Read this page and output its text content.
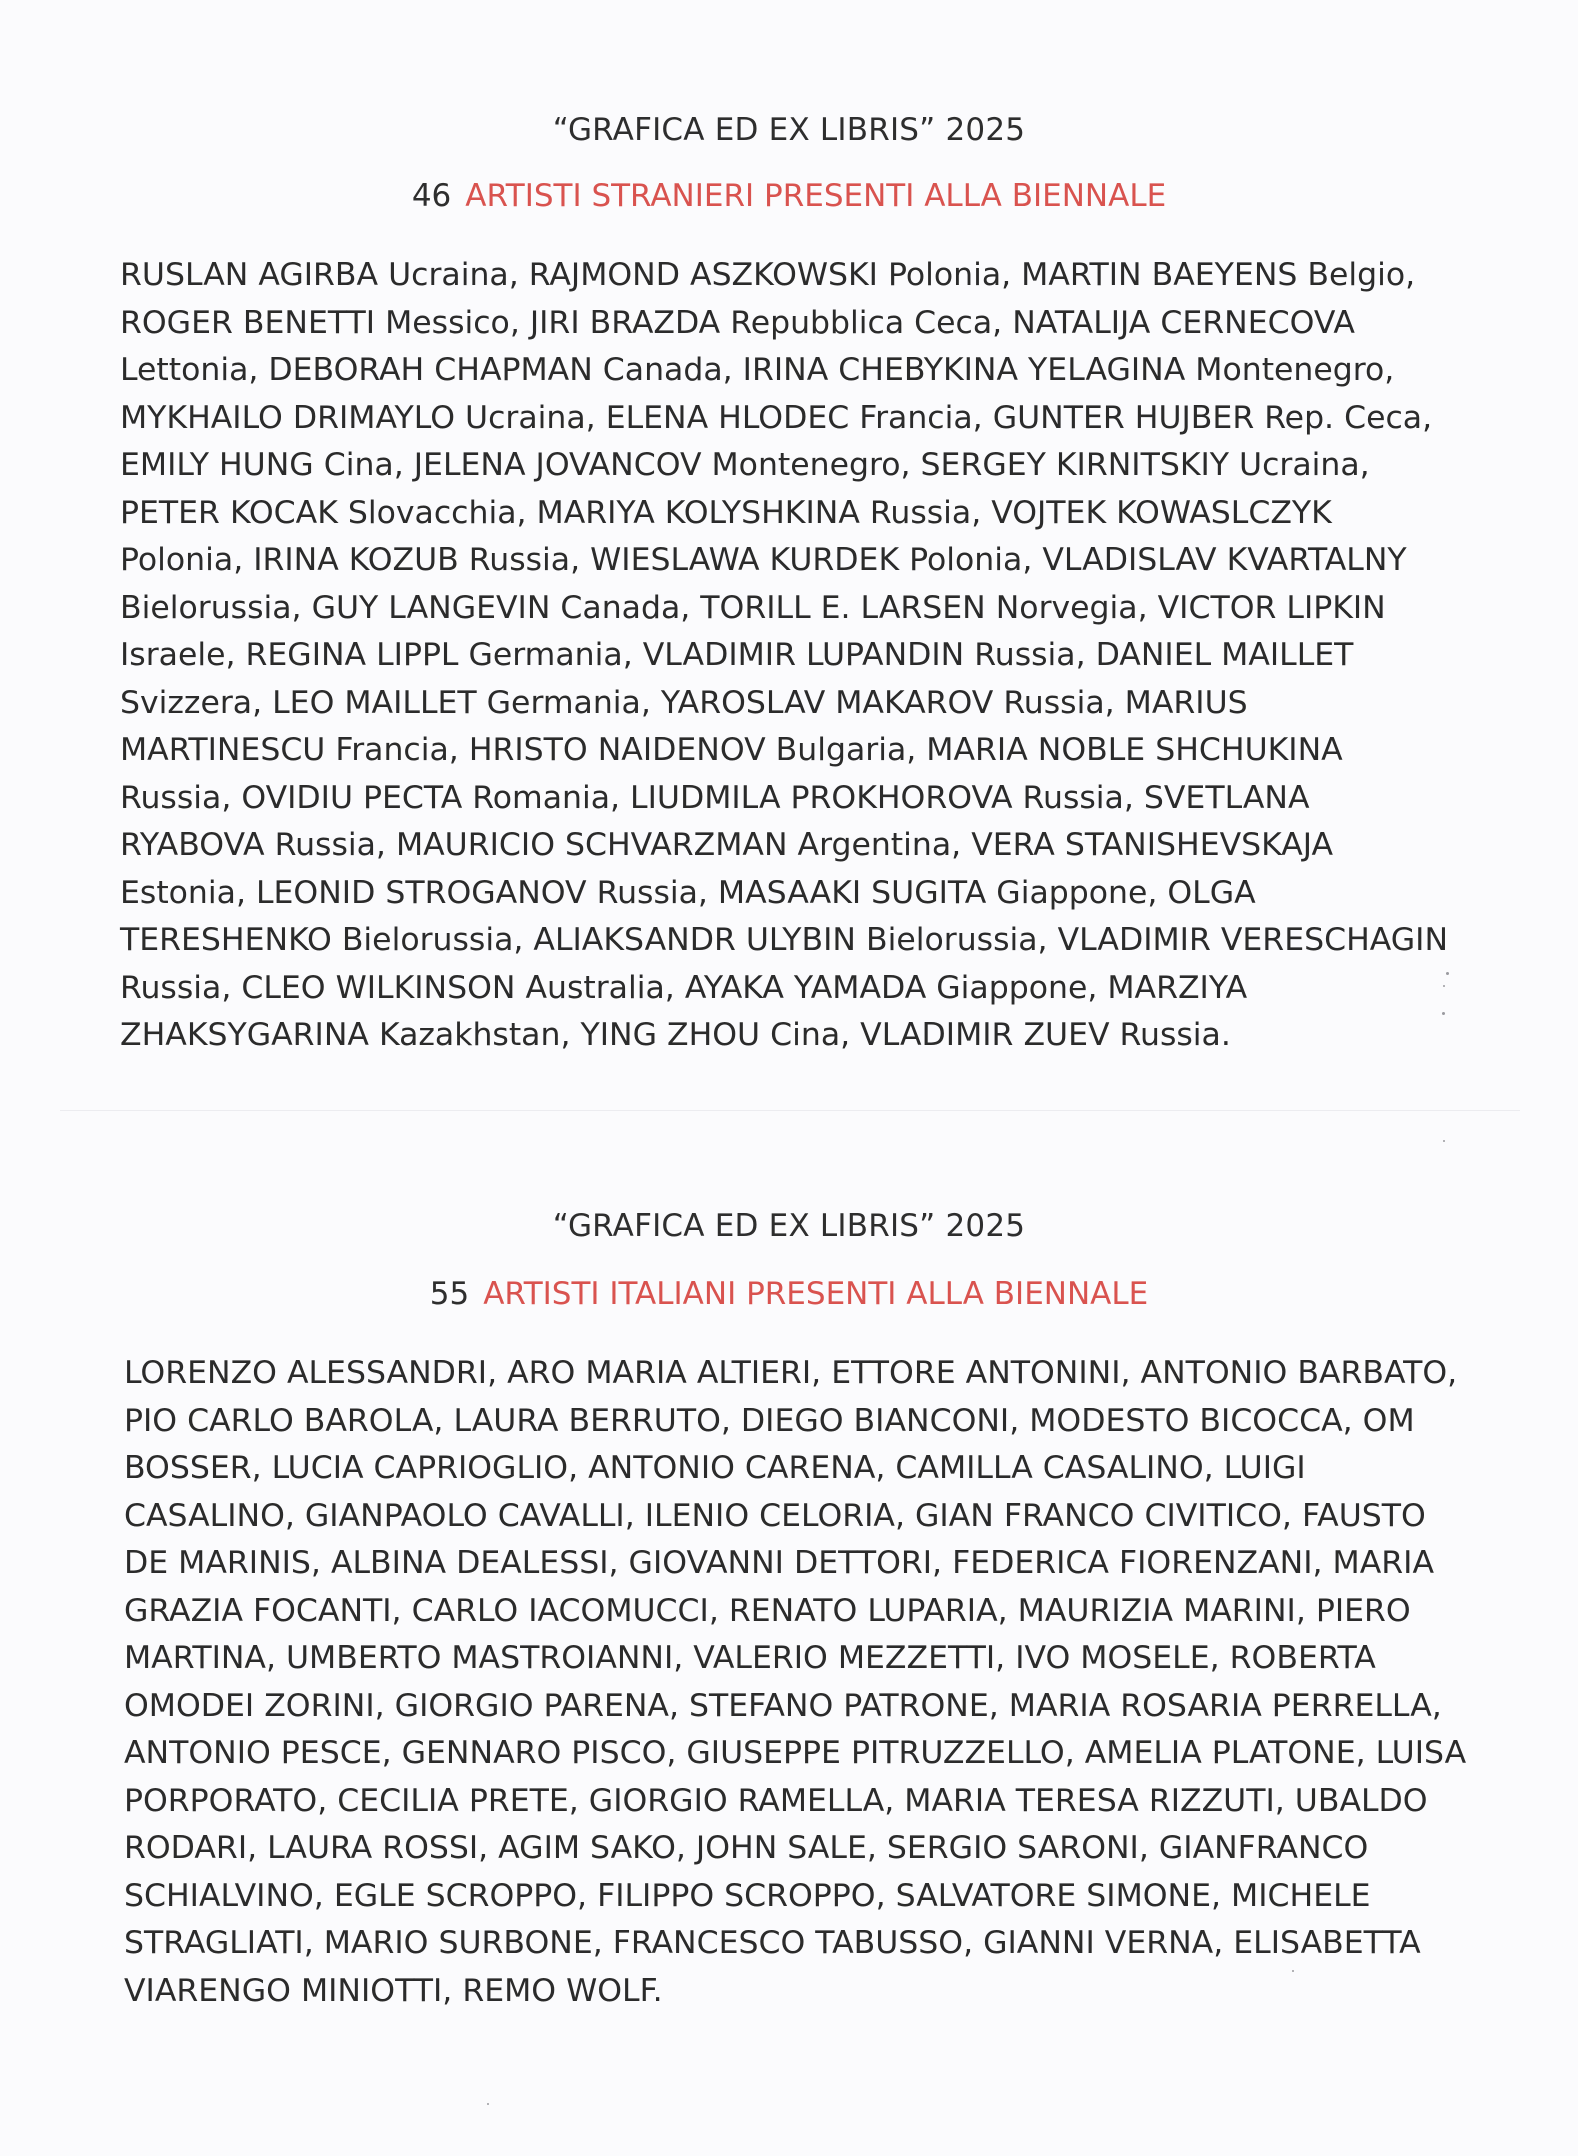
“GRAFICA ED EX LIBRIS” 2025
46 ARTISTI STRANIERI PRESENTI ALLA BIENNALE
RUSLAN AGIRBA Ucraina, RAJMOND ASZKOWSKI Polonia, MARTIN BAEYENS Belgio, ROGER BENETTI Messico, JIRI BRAZDA Repubblica Ceca, NATALIJA CERNECOVA Lettonia, DEBORAH CHAPMAN Canada, IRINA CHEBYKINA YELAGINA Montenegro, MYKHAILO DRIMAYLO Ucraina, ELENA HLODEC Francia, GUNTER HUJBER Rep. Ceca, EMILY HUNG Cina, JELENA JOVANCOV Montenegro, SERGEY KIRNITSKIY Ucraina, PETER KOCAK Slovacchia, MARIYA KOLYSHKINA Russia, VOJTEK KOWASLCZYK Polonia, IRINA KOZUB Russia, WIESLAWA KURDEK Polonia, VLADISLAV KVARTALNY Bielorussia, GUY LANGEVIN Canada, TORILL E. LARSEN Norvegia, VICTOR LIPKIN Israele, REGINA LIPPL Germania, VLADIMIR LUPANDIN Russia, DANIEL MAILLET Svizzera, LEO MAILLET Germania, YAROSLAV MAKAROV Russia, MARIUS MARTINESCU Francia, HRISTO NAIDENOV Bulgaria, MARIA NOBLE SHCHUKINA Russia, OVIDIU PECTA Romania, LIUDMILA PROKHOROVA Russia, SVETLANA RYABOVA Russia, MAURICIO SCHVARZMAN Argentina, VERA STANISHEVSKAJA Estonia, LEONID STROGANOV Russia, MASAAKI SUGITA Giappone, OLGA TERESHENKO Bielorussia, ALIAKSANDR ULYBIN Bielorussia, VLADIMIR VERESCHAGIN Russia, CLEO WILKINSON Australia, AYAKA YAMADA Giappone, MARZIYA ZHAKSYGARINA Kazakhstan, YING ZHOU Cina, VLADIMIR ZUEV Russia.
“GRAFICA ED EX LIBRIS” 2025
55 ARTISTI ITALIANI PRESENTI ALLA BIENNALE
LORENZO ALESSANDRI, ARO MARIA ALTIERI, ETTORE ANTONINI, ANTONIO BARBATO, PIO CARLO BAROLA, LAURA BERRUTO, DIEGO BIANCONI, MODESTO BICOCCA, OM BOSSER, LUCIA CAPRIOGLIO, ANTONIO CARENA, CAMILLA CASALINO, LUIGI CASALINO, GIANPAOLO CAVALLI, ILENIO CELORIA, GIAN FRANCO CIVITICO, FAUSTO DE MARINIS, ALBINA DEALESSI, GIOVANNI DETTORI, FEDERICA FIORENZANI, MARIA GRAZIA FOCANTI, CARLO IACOMUCCI, RENATO LUPARIA, MAURIZIA MARINI, PIERO MARTINA, UMBERTO MASTROIANNI, VALERIO MEZZETTI, IVO MOSELE, ROBERTA OMODEI ZORINI, GIORGIO PARENA, STEFANO PATRONE, MARIA ROSARIA PERRELLA, ANTONIO PESCE, GENNARO PISCO, GIUSEPPE PITRUZZELLO, AMELIA PLATONE, LUISA PORPORATO, CECILIA PRETE, GIORGIO RAMELLA, MARIA TERESA RIZZUTI, UBALDO RODARI, LAURA ROSSI, AGIM SAKO, JOHN SALE, SERGIO SARONI, GIANFRANCO SCHIALVINO, EGLE SCROPPO, FILIPPO SCROPPO, SALVATORE SIMONE, MICHELE STRAGLIATI, MARIO SURBONE, FRANCESCO TABUSSO, GIANNI VERNA, ELISABETTA VIARENGO MINIOTTI, REMO WOLF.
